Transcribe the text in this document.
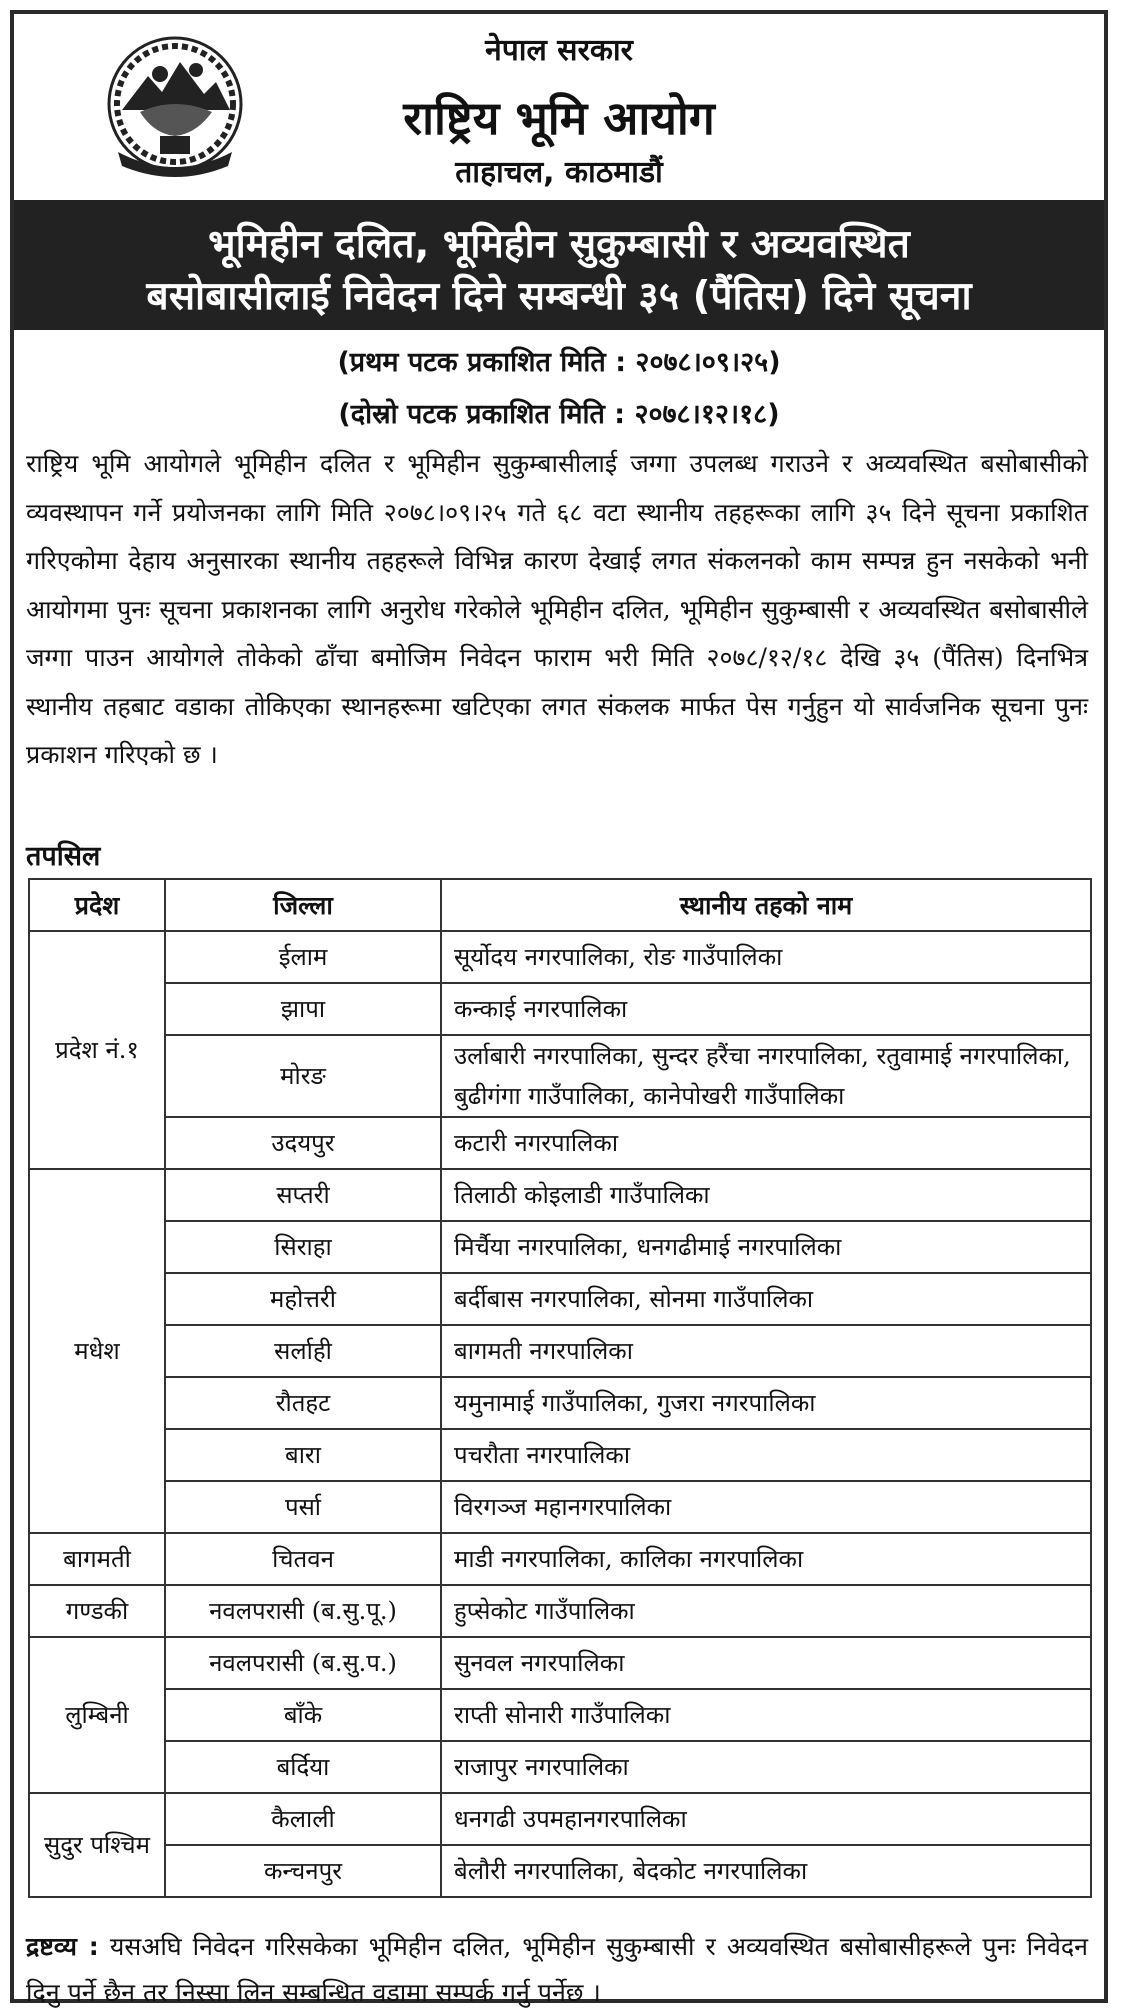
नेपाल सरकार
राष्ट्रिय भूमि आयोग
ताहाचल, काठमाडौं
भूमिहीन दलित, भूमिहीन सुकुम्बासी र अव्यवस्थित
बसोबासीलाई निवेदन दिने सम्बन्धी ३५ (पैंतिस) दिने सूचना
(प्रथम पटक प्रकाशित मिति : २०७८।०९।२५)
(दोस्रो पटक प्रकाशित मिति : २०७८।१२।१८)
राष्ट्रिय भूमि आयोगले भूमिहीन दलित र भूमिहीन सुकुम्बासीलाई जग्गा उपलब्ध गराउने र अव्यवस्थित बसोबासीको व्यवस्थापन गर्ने प्रयोजनका लागि मिति २०७८।०९।२५ गते ६८ वटा स्थानीय तहहरूका लागि ३५ दिने सूचना प्रकाशित गरिएकोमा देहाय अनुसारका स्थानीय तहहरूले विभिन्न कारण देखाई लगत संकलनको काम सम्पन्न हुन नसकेको भनी आयोगमा पुनः सूचना प्रकाशनका लागि अनुरोध गरेकोले भूमिहीन दलित, भूमिहीन सुकुम्बासी र अव्यवस्थित बसोबासीले जग्गा पाउन आयोगले तोकेको ढाँचा बमोजिम निवेदन फाराम भरी मिति २०७८/१२/१८ देखि ३५ (पैंतिस) दिनभित्र स्थानीय तहबाट वडाका तोकिएका स्थानहरूमा खटिएका लगत संकलक मार्फत पेस गर्नुहुन यो सार्वजनिक सूचना पुनः प्रकाशन गरिएको छ ।
तपसिल
प्रदेश	जिल्ला	स्थानीय तहको नाम
प्रदेश नं.१	ईलाम	सूर्योदय नगरपालिका, रोङ गाउँपालिका
	झापा	कन्काई नगरपालिका
	मोरङ	उर्लाबारी नगरपालिका, सुन्दर हरैंचा नगरपालिका, रतुवामाई नगरपालिका, बुढीगंगा गाउँपालिका, कानेपोखरी गाउँपालिका
	उदयपुर	कटारी नगरपालिका
मधेश	सप्तरी	तिलाठी कोइलाडी गाउँपालिका
	सिराहा	मिर्चैया नगरपालिका, धनगढीमाई नगरपालिका
	महोत्तरी	बर्दीबास नगरपालिका, सोनमा गाउँपालिका
	सर्लाही	बागमती नगरपालिका
	रौतहट	यमुनामाई गाउँपालिका, गुजरा नगरपालिका
	बारा	पचरौता नगरपालिका
	पर्सा	विरगञ्ज महानगरपालिका
बागमती	चितवन	माडी नगरपालिका, कालिका नगरपालिका
गण्डकी	नवलपरासी (ब.सु.पू.)	हुप्सेकोट गाउँपालिका
लुम्बिनी	नवलपरासी (ब.सु.प.)	सुनवल नगरपालिका
	बाँके	राप्ती सोनारी गाउँपालिका
	बर्दिया	राजापुर नगरपालिका
सुदुर पश्चिम	कैलाली	धनगढी उपमहानगरपालिका
	कन्चनपुर	बेलौरी नगरपालिका, बेदकोट नगरपालिका
द्रष्टव्य : यसअघि निवेदन गरिसकेका भूमिहीन दलित, भूमिहीन सुकुम्बासी र अव्यवस्थित बसोबासीहरूले पुनः निवेदन दिनु पर्ने छैन तर निस्सा लिन सम्बन्धित वडामा सम्पर्क गर्नु पर्नेछ ।
